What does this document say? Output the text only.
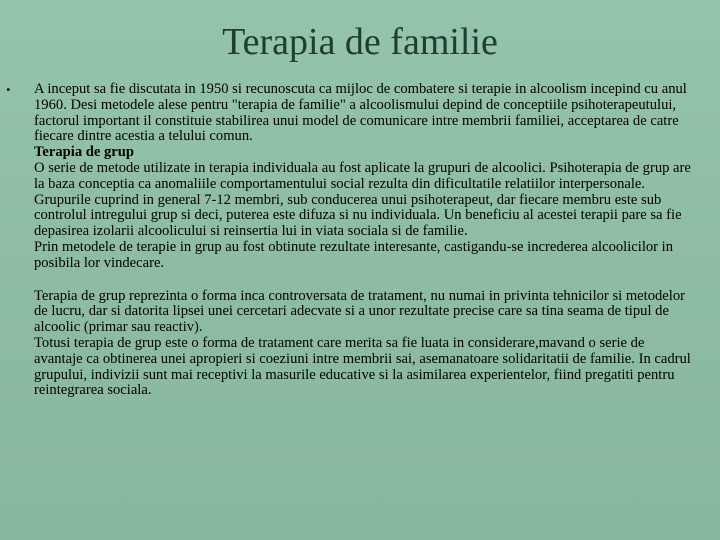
Terapia de familie
• A inceput sa fie discutata in 1950 si recunoscuta ca mijloc de combatere si terapie in alcoolism incepind cu anul 1960. Desi metodele alese pentru "terapia de familie" a alcoolismului depind de conceptiile psihoterapeutului, factorul important il constituie stabilirea unui model de comunicare intre membrii familiei, acceptarea de catre fiecare dintre acestia a telului comun.

Terapia de grup

O serie de metode utilizate in terapia individuala au fost aplicate la grupuri de alcoolici. Psihoterapia de grup are la baza conceptia ca anomaliile comportamentului social rezulta din dificultatile relatiilor interpersonale. Grupurile cuprind in general 7-12 membri, sub conducerea unui psihoterapeut, dar fiecare membru este sub controlul intregului grup si deci, puterea este difuza si nu individuala. Un beneficiu al acestei terapii pare sa fie depasirea izolarii alcoolicului si reinsertia lui in viata sociala si de familie.

Prin metodele de terapie in grup au fost obtinute rezultate interesante, castigandu-se increderea alcoolicilor in posibila lor vindecare.

Terapia de grup reprezinta o forma inca controversata de tratament, nu numai in privinta tehnicilor si metodelor de lucru, dar si datorita lipsei unei cercetari adecvate si a unor rezultate precise care sa tina seama de tipul de alcoolic (primar sau reactiv).

Totusi terapia de grup este o forma de tratament care merita sa fie luata in considerare,mavand o serie de avantaje ca obtinerea unei apropieri si coeziuni intre membrii sai, asemanatoare solidaritatii de familie. In cadrul grupului, indivizii sunt mai receptivi la masurile educative si la asimilarea experientelor, fiind pregatiti pentru reintegrarea sociala.
